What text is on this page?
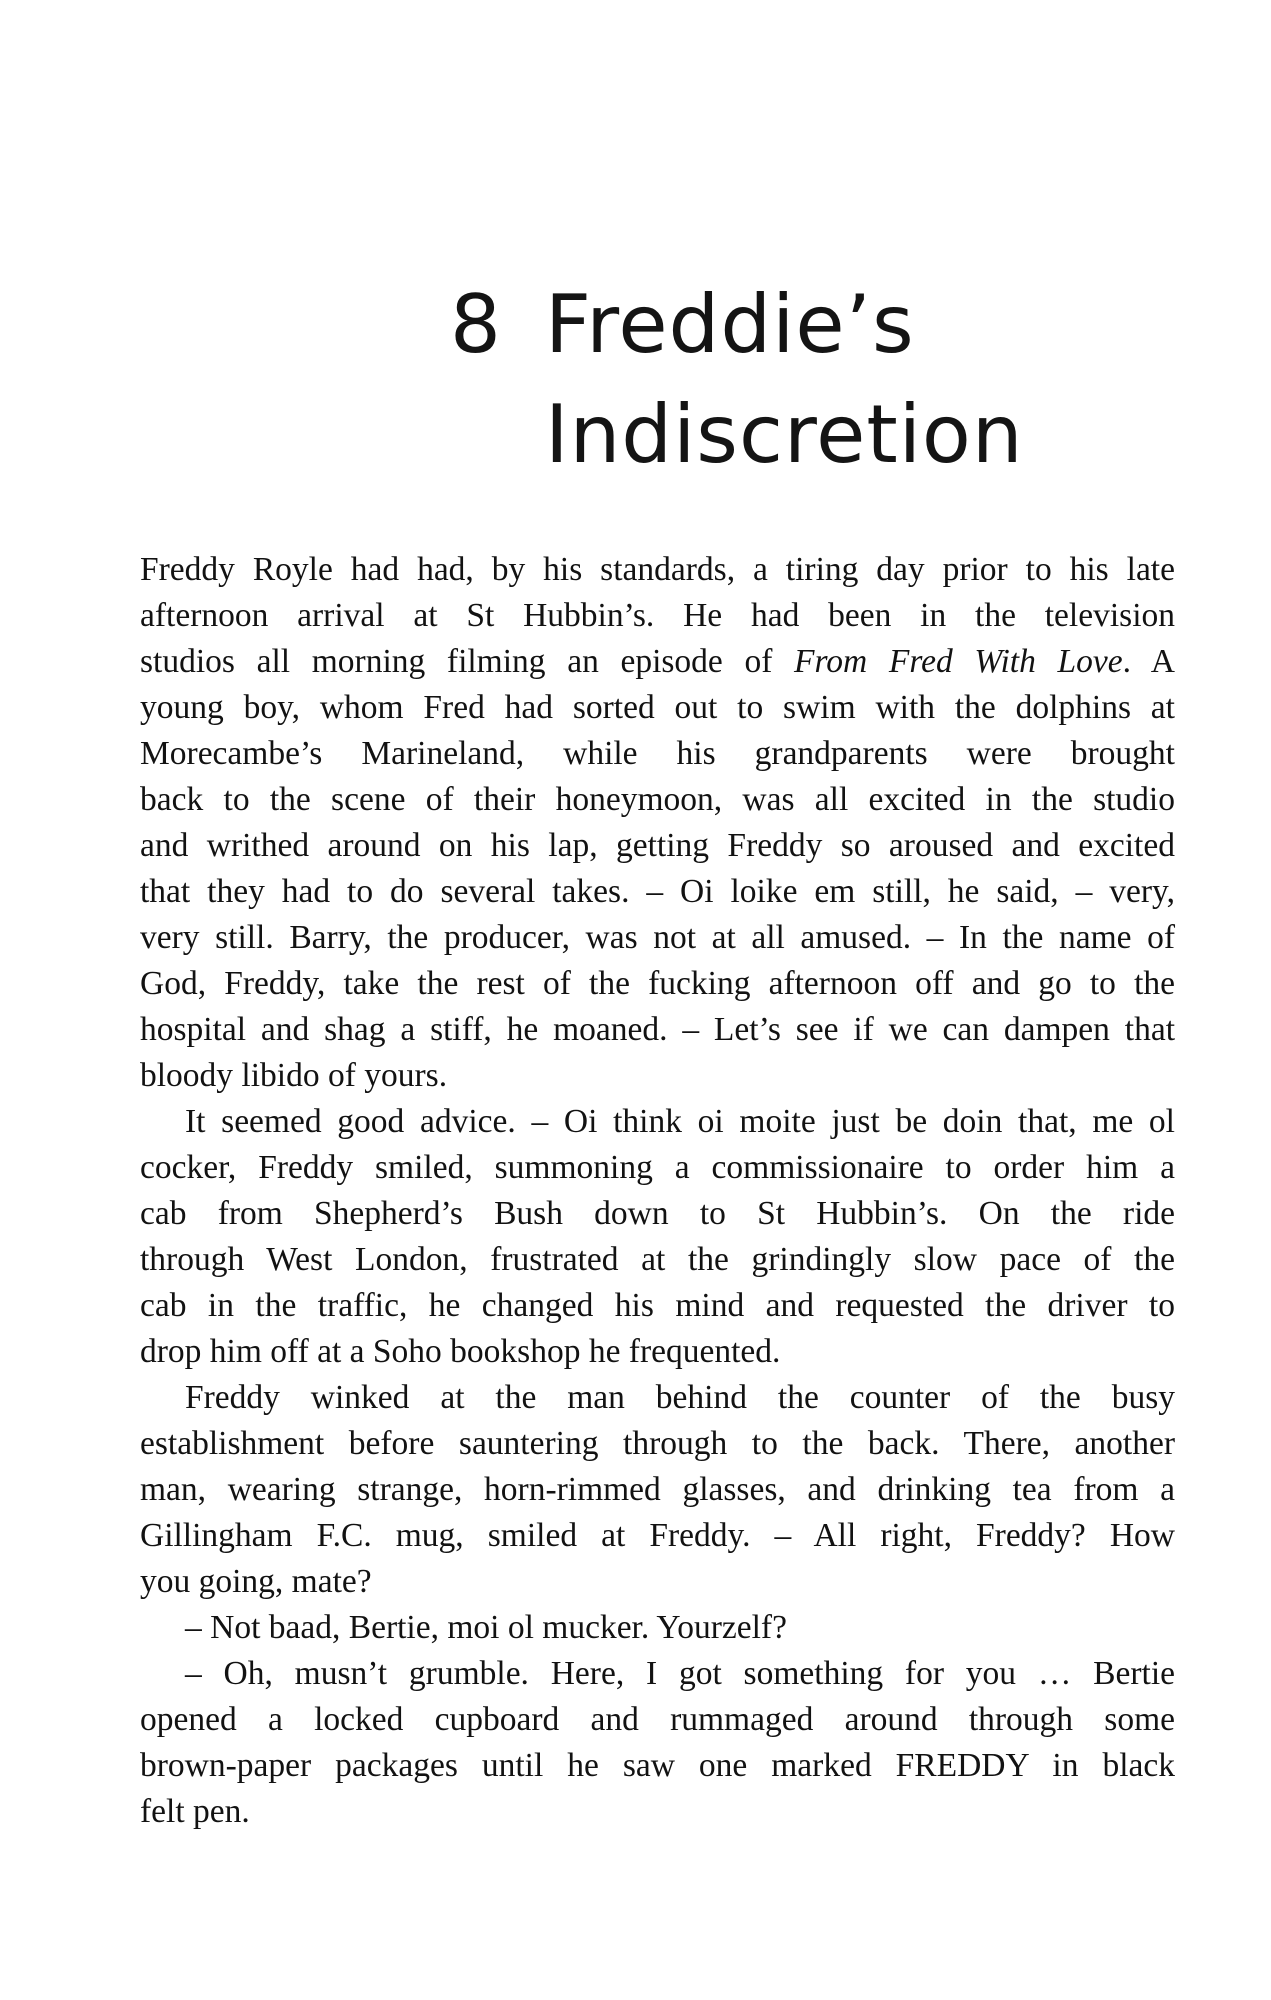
8 Freddie’s
Indiscretion
Freddy Royle had had, by his standards, a tiring day prior to his late
afternoon arrival at St Hubbin’s. He had been in the television
studios all morning filming an episode of From Fred With Love. A
young boy, whom Fred had sorted out to swim with the dolphins at
Morecambe’s Marineland, while his grandparents were brought
back to the scene of their honeymoon, was all excited in the studio
and writhed around on his lap, getting Freddy so aroused and excited
that they had to do several takes. – Oi loike em still, he said, – very,
very still. Barry, the producer, was not at all amused. – In the name of
God, Freddy, take the rest of the fucking afternoon off and go to the
hospital and shag a stiff, he moaned. – Let’s see if we can dampen that
bloody libido of yours.
It seemed good advice. – Oi think oi moite just be doin that, me ol
cocker, Freddy smiled, summoning a commissionaire to order him a
cab from Shepherd’s Bush down to St Hubbin’s. On the ride
through West London, frustrated at the grindingly slow pace of the
cab in the traffic, he changed his mind and requested the driver to
drop him off at a Soho bookshop he frequented.
Freddy winked at the man behind the counter of the busy
establishment before sauntering through to the back. There, another
man, wearing strange, horn-rimmed glasses, and drinking tea from a
Gillingham F.C. mug, smiled at Freddy. – All right, Freddy? How
you going, mate?
– Not baad, Bertie, moi ol mucker. Yourzelf?
– Oh, musn’t grumble. Here, I got something for you … Bertie
opened a locked cupboard and rummaged around through some
brown-paper packages until he saw one marked FREDDY in black
felt pen.
